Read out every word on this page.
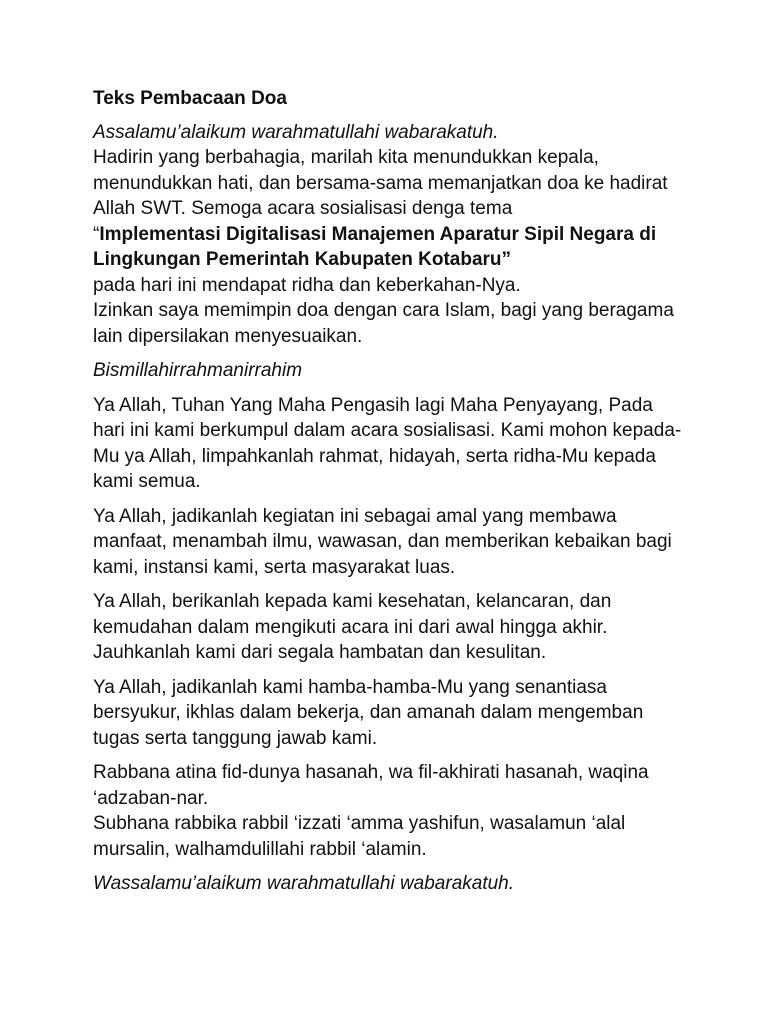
Teks Pembacaan Doa

Assalamu’alaikum warahmatullahi wabarakatuh.
Hadirin yang berbahagia, marilah kita menundukkan kepala, menundukkan hati, dan bersama-sama memanjatkan doa ke hadirat Allah SWT. Semoga acara sosialisasi denga tema
“Implementasi Digitalisasi Manajemen Aparatur Sipil Negara di Lingkungan Pemerintah Kabupaten Kotabaru”
pada hari ini mendapat ridha dan keberkahan-Nya.
Izinkan saya memimpin doa dengan cara Islam, bagi yang beragama lain dipersilakan menyesuaikan.

Bismillahirrahmanirrahim

Ya Allah, Tuhan Yang Maha Pengasih lagi Maha Penyayang, Pada hari ini kami berkumpul dalam acara sosialisasi. Kami mohon kepada-Mu ya Allah, limpahkanlah rahmat, hidayah, serta ridha-Mu kepada kami semua.

Ya Allah, jadikanlah kegiatan ini sebagai amal yang membawa manfaat, menambah ilmu, wawasan, dan memberikan kebaikan bagi kami, instansi kami, serta masyarakat luas.

Ya Allah, berikanlah kepada kami kesehatan, kelancaran, dan kemudahan dalam mengikuti acara ini dari awal hingga akhir. Jauhkanlah kami dari segala hambatan dan kesulitan.

Ya Allah, jadikanlah kami hamba-hamba-Mu yang senantiasa bersyukur, ikhlas dalam bekerja, dan amanah dalam mengemban tugas serta tanggung jawab kami.

Rabbana atina fid-dunya hasanah, wa fil-akhirati hasanah, waqina ‘adzaban-nar.
Subhana rabbika rabbil ‘izzati ‘amma yashifun, wasalamun ‘alal mursalin, walhamdulillahi rabbil ‘alamin.

Wassalamu’alaikum warahmatullahi wabarakatuh.
